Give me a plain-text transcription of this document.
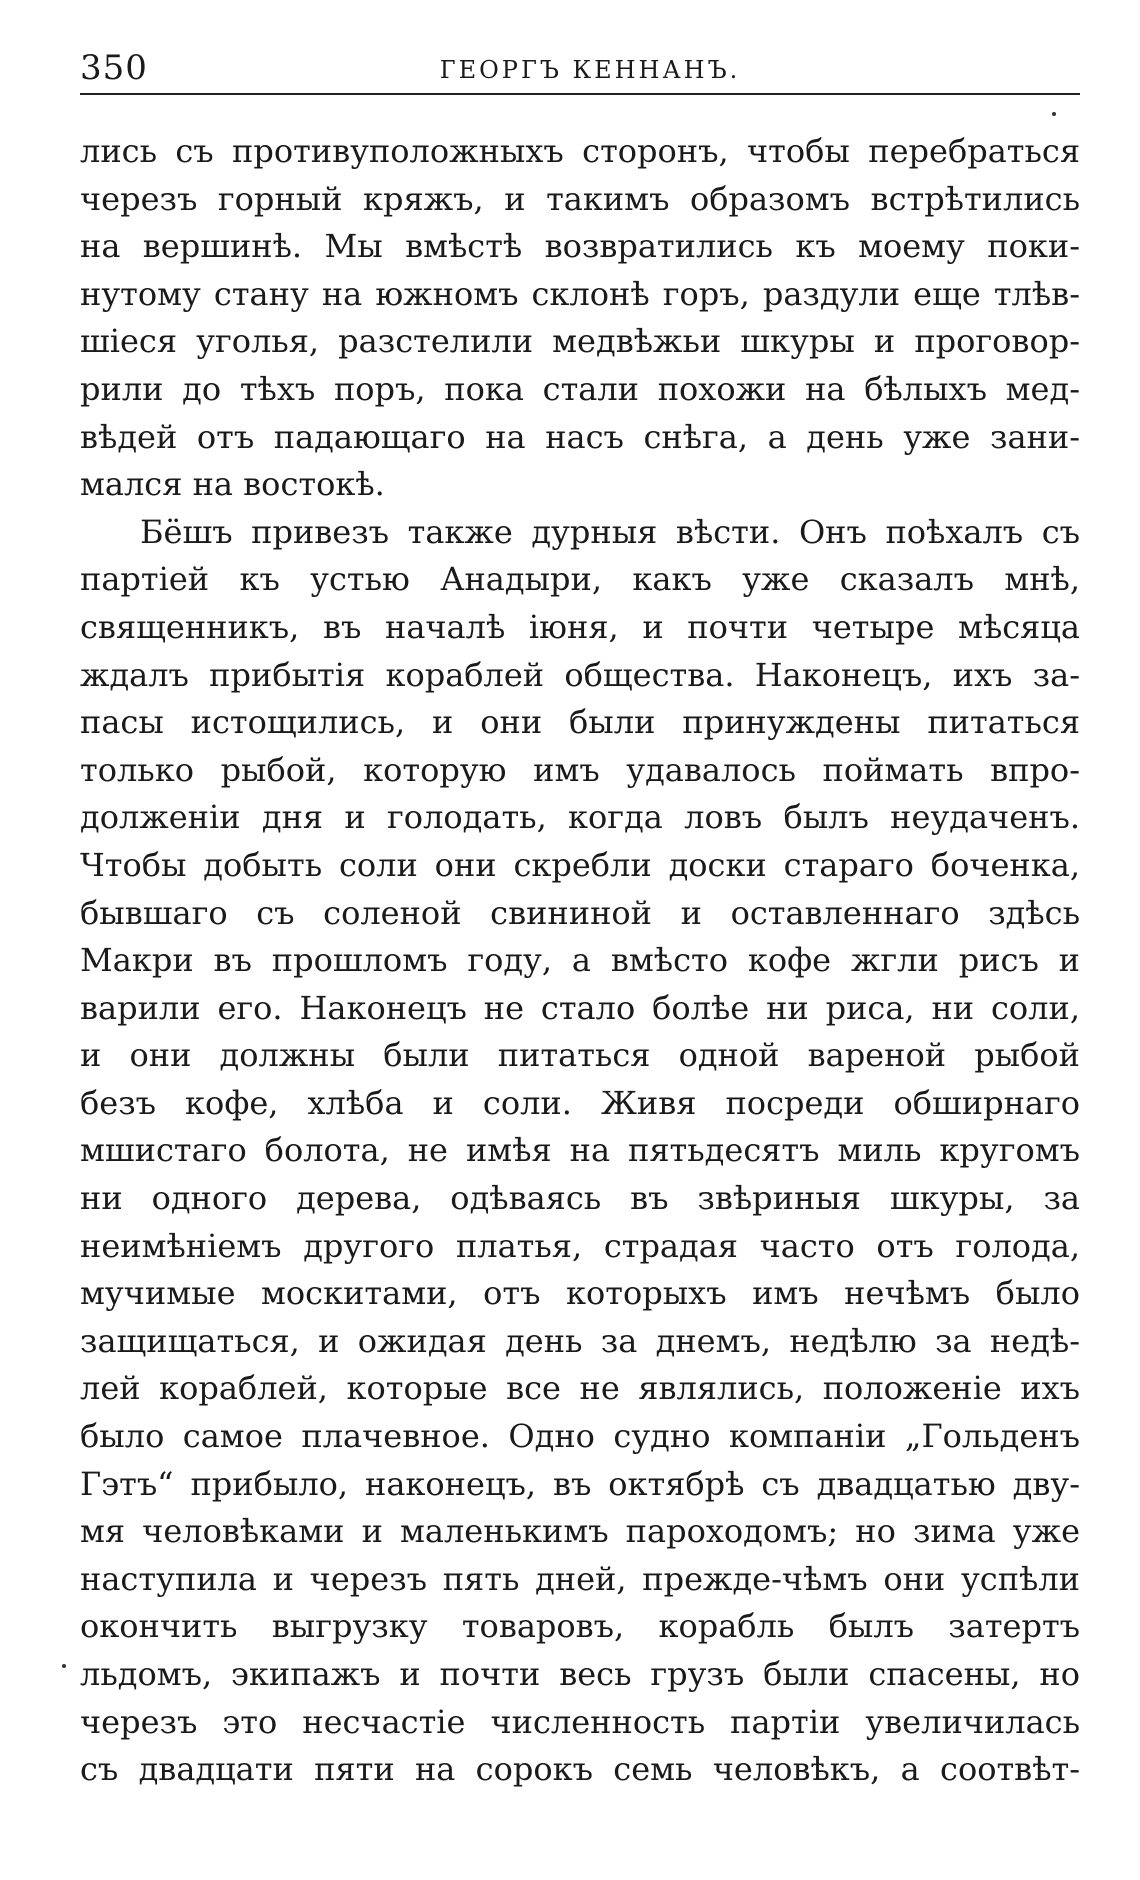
350	ГЕОРГЪ КЕННАНЪ.
лись съ противуположныхъ сторонъ, чтобы перебраться
черезъ горный кряжъ, и такимъ образомъ встрѣтились
на вершинѣ. Мы вмѣстѣ возвратились къ моему поки-
нутому стану на южномъ склонѣ горъ, раздули еще тлѣв-
шіеся уголья, разстелили медвѣжьи шкуры и проговор-
рили до тѣхъ поръ, пока стали похожи на бѣлыхъ мед-
вѣдей отъ падающаго на насъ снѣга, а день уже зани-
мался на востокѣ.
Бёшъ привезъ также дурныя вѣсти. Онъ поѣхалъ съ
партіей къ устью Анадыри, какъ уже сказалъ мнѣ,
священникъ, въ началѣ іюня, и почти четыре мѣсяца
ждалъ прибытія кораблей общества. Наконецъ, ихъ за-
пасы истощились, и они были принуждены питаться
только рыбой, которую имъ удавалось поймать впро-
долженіи дня и голодать, когда ловъ былъ неудаченъ.
Чтобы добыть соли они скребли доски стараго боченка,
бывшаго съ соленой свининой и оставленнаго здѣсь
Макри въ прошломъ году, а вмѣсто кофе жгли рисъ и
варили его. Наконецъ не стало болѣе ни риса, ни соли,
и они должны были питаться одной вареной рыбой
безъ кофе, хлѣба и соли. Живя посреди обширнаго
мшистаго болота, не имѣя на пятьдесятъ миль кругомъ
ни одного дерева, одѣваясь въ звѣриныя шкуры, за
неимѣніемъ другого платья, страдая часто отъ голода,
мучимые москитами, отъ которыхъ имъ нечѣмъ было
защищаться, и ожидая день за днемъ, недѣлю за недѣ-
лей кораблей, которые все не являлись, положеніе ихъ
было самое плачевное. Одно судно компаніи „Гольденъ
Гэтъ“ прибыло, наконецъ, въ октябрѣ съ двадцатью дву-
мя человѣками и маленькимъ пароходомъ; но зима уже
наступила и черезъ пять дней, прежде-чѣмъ они успѣли
окончить выгрузку товаровъ, корабль былъ затертъ
льдомъ, экипажъ и почти весь грузъ были спасены, но
черезъ это несчастіе численность партіи увеличилась
съ двадцати пяти на сорокъ семь человѣкъ, а соотвѣт-
